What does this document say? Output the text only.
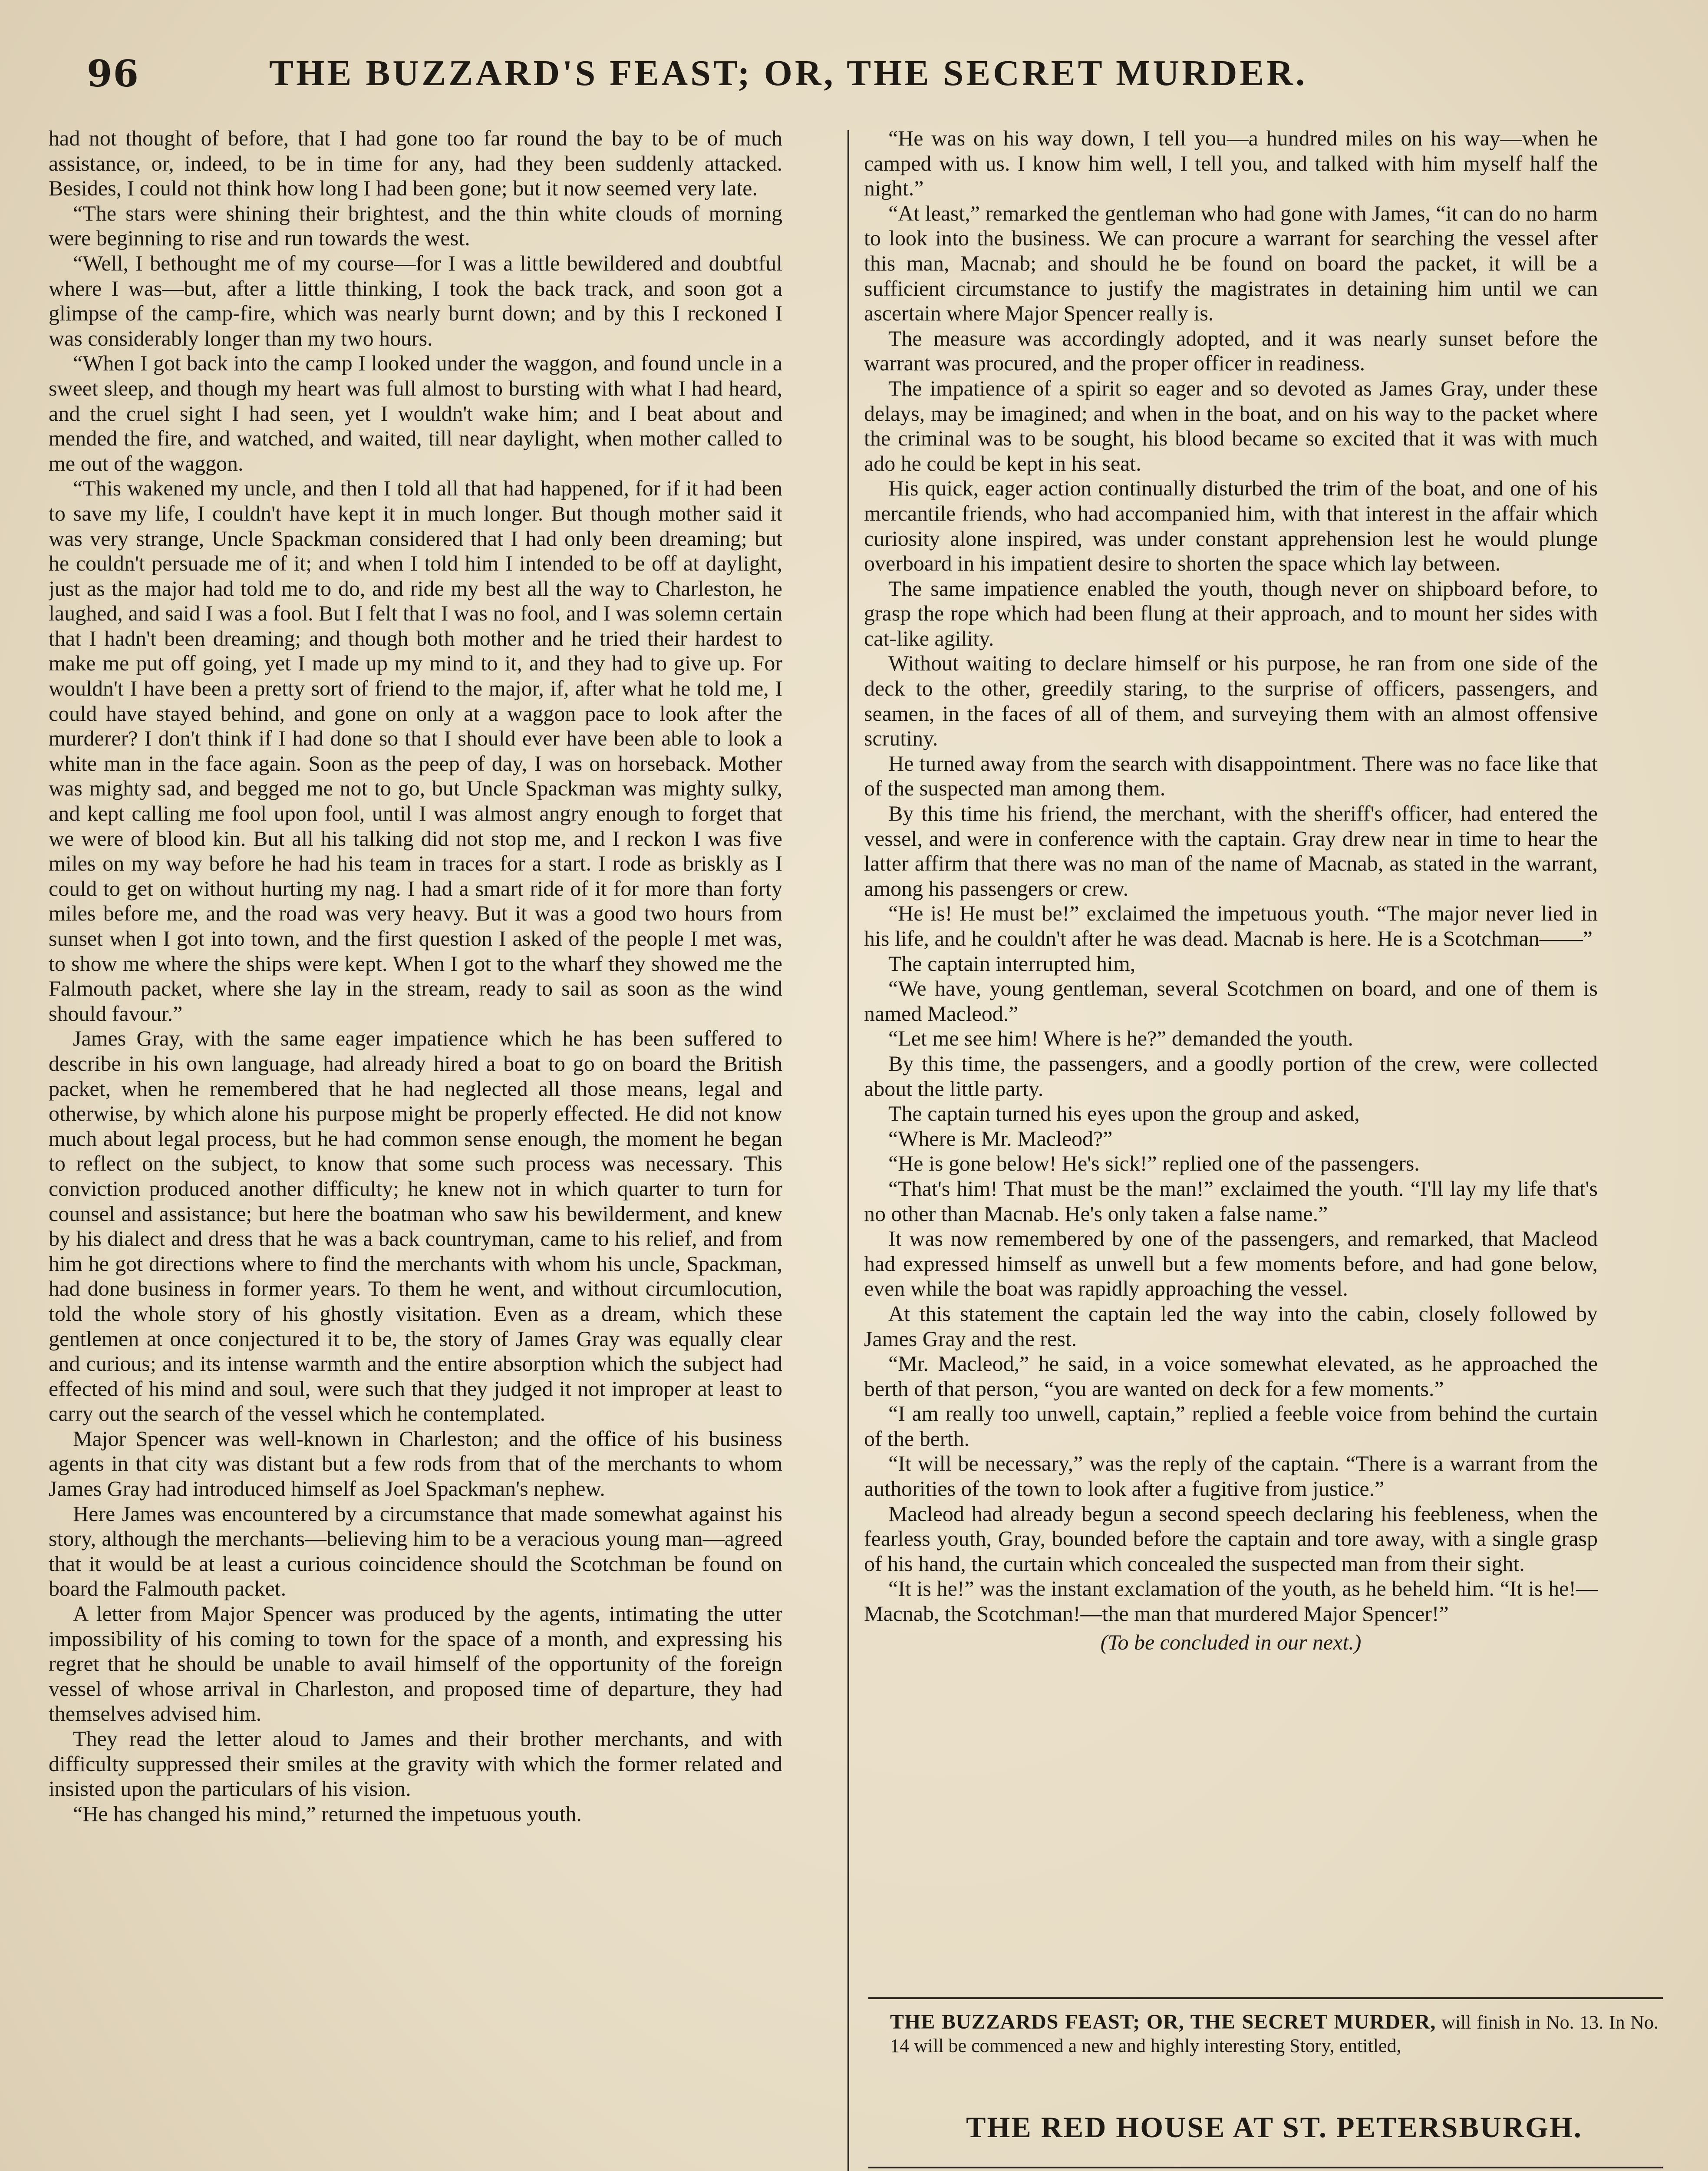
96	THE BUZZARD'S FEAST; OR, THE SECRET MURDER.

had not thought of before, that I had gone too far round the bay to be of much assistance, or, indeed, to be in time for any, had they been suddenly attacked. Besides, I could not think how long I had been gone; but it now seemed very late.

“The stars were shining their brightest, and the thin white clouds of morning were beginning to rise and run towards the west.

“Well, I bethought me of my course—for I was a little bewildered and doubtful where I was—but, after a little thinking, I took the back track, and soon got a glimpse of the camp-fire, which was nearly burnt down; and by this I reckoned I was considerably longer than my two hours.

“When I got back into the camp I looked under the waggon, and found uncle in a sweet sleep, and though my heart was full almost to bursting with what I had heard, and the cruel sight I had seen, yet I wouldn't wake him; and I beat about and mended the fire, and watched, and waited, till near daylight, when mother called to me out of the waggon.

“This wakened my uncle, and then I told all that had happened, for if it had been to save my life, I couldn't have kept it in much longer. But though mother said it was very strange, Uncle Spackman considered that I had only been dreaming; but he couldn't persuade me of it; and when I told him I intended to be off at daylight, just as the major had told me to do, and ride my best all the way to Charleston, he laughed, and said I was a fool. But I felt that I was no fool, and I was solemn certain that I hadn't been dreaming; and though both mother and he tried their hardest to make me put off going, yet I made up my mind to it, and they had to give up. For wouldn't I have been a pretty sort of friend to the major, if, after what he told me, I could have stayed behind, and gone on only at a waggon pace to look after the murderer? I don't think if I had done so that I should ever have been able to look a white man in the face again. Soon as the peep of day, I was on horseback. Mother was mighty sad, and begged me not to go, but Uncle Spackman was mighty sulky, and kept calling me fool upon fool, until I was almost angry enough to forget that we were of blood kin. But all his talking did not stop me, and I reckon I was five miles on my way before he had his team in traces for a start. I rode as briskly as I could to get on without hurting my nag. I had a smart ride of it for more than forty miles before me, and the road was very heavy. But it was a good two hours from sunset when I got into town, and the first question I asked of the people I met was, to show me where the ships were kept. When I got to the wharf they showed me the Falmouth packet, where she lay in the stream, ready to sail as soon as the wind should favour.”

James Gray, with the same eager impatience which he has been suffered to describe in his own language, had already hired a boat to go on board the British packet, when he remembered that he had neglected all those means, legal and otherwise, by which alone his purpose might be properly effected. He did not know much about legal process, but he had common sense enough, the moment he began to reflect on the subject, to know that some such process was necessary. This conviction produced another difficulty; he knew not in which quarter to turn for counsel and assistance; but here the boatman who saw his bewilderment, and knew by his dialect and dress that he was a back countryman, came to his relief, and from him he got directions where to find the merchants with whom his uncle, Spackman, had done business in former years. To them he went, and without circumlocution, told the whole story of his ghostly visitation. Even as a dream, which these gentlemen at once conjectured it to be, the story of James Gray was equally clear and curious; and its intense warmth and the entire absorption which the subject had effected of his mind and soul, were such that they judged it not improper at least to carry out the search of the vessel which he contemplated.

Major Spencer was well-known in Charleston; and the office of his business agents in that city was distant but a few rods from that of the merchants to whom James Gray had introduced himself as Joel Spackman's nephew.

Here James was encountered by a circumstance that made somewhat against his story, although the merchants—believing him to be a veracious young man—agreed that it would be at least a curious coincidence should the Scotchman be found on board the Falmouth packet.

A letter from Major Spencer was produced by the agents, intimating the utter impossibility of his coming to town for the space of a month, and expressing his regret that he should be unable to avail himself of the opportunity of the foreign vessel of whose arrival in Charleston, and proposed time of departure, they had themselves advised him.

They read the letter aloud to James and their brother merchants, and with difficulty suppressed their smiles at the gravity with which the former related and insisted upon the particulars of his vision.

“He has changed his mind,” returned the impetuous youth.

“He was on his way down, I tell you—a hundred miles on his way—when he camped with us. I know him well, I tell you, and talked with him myself half the night.”

“At least,” remarked the gentleman who had gone with James, “it can do no harm to look into the business. We can procure a warrant for searching the vessel after this man, Macnab; and should he be found on board the packet, it will be a sufficient circumstance to justify the magistrates in detaining him until we can ascertain where Major Spencer really is.

The measure was accordingly adopted, and it was nearly sunset before the warrant was procured, and the proper officer in readiness.

The impatience of a spirit so eager and so devoted as James Gray, under these delays, may be imagined; and when in the boat, and on his way to the packet where the criminal was to be sought, his blood became so excited that it was with much ado he could be kept in his seat.

His quick, eager action continually disturbed the trim of the boat, and one of his mercantile friends, who had accompanied him, with that interest in the affair which curiosity alone inspired, was under constant apprehension lest he would plunge overboard in his impatient desire to shorten the space which lay between.

The same impatience enabled the youth, though never on shipboard before, to grasp the rope which had been flung at their approach, and to mount her sides with cat-like agility.

Without waiting to declare himself or his purpose, he ran from one side of the deck to the other, greedily staring, to the surprise of officers, passengers, and seamen, in the faces of all of them, and surveying them with an almost offensive scrutiny.

He turned away from the search with disappointment. There was no face like that of the suspected man among them.

By this time his friend, the merchant, with the sheriff's officer, had entered the vessel, and were in conference with the captain. Gray drew near in time to hear the latter affirm that there was no man of the name of Macnab, as stated in the warrant, among his passengers or crew.

“He is! He must be!” exclaimed the impetuous youth. “The major never lied in his life, and he couldn't after he was dead. Macnab is here. He is a Scotchman——”

The captain interrupted him,

“We have, young gentleman, several Scotchmen on board, and one of them is named Macleod.”

“Let me see him! Where is he?” demanded the youth.

By this time, the passengers, and a goodly portion of the crew, were collected about the little party.

The captain turned his eyes upon the group and asked,

“Where is Mr. Macleod?”

“He is gone below! He's sick!” replied one of the passengers.

“That's him! That must be the man!” exclaimed the youth. “I'll lay my life that's no other than Macnab. He's only taken a false name.”

It was now remembered by one of the passengers, and remarked, that Macleod had expressed himself as unwell but a few moments before, and had gone below, even while the boat was rapidly approaching the vessel.

At this statement the captain led the way into the cabin, closely followed by James Gray and the rest.

“Mr. Macleod,” he said, in a voice somewhat elevated, as he approached the berth of that person, “you are wanted on deck for a few moments.”

“I am really too unwell, captain,” replied a feeble voice from behind the curtain of the berth.

“It will be necessary,” was the reply of the captain. “There is a warrant from the authorities of the town to look after a fugitive from justice.”

Macleod had already begun a second speech declaring his feebleness, when the fearless youth, Gray, bounded before the captain and tore away, with a single grasp of his hand, the curtain which concealed the suspected man from their sight.

“It is he!” was the instant exclamation of the youth, as he beheld him. “It is he!—Macnab, the Scotchman!—the man that murdered Major Spencer!”

(To be concluded in our next.)

THE BUZZARDS FEAST; OR, THE SECRET MURDER, will finish in No. 13. In No. 14 will be commenced a new and highly interesting Story, entitled,
THE RED HOUSE AT ST. PETERSBURGH.
